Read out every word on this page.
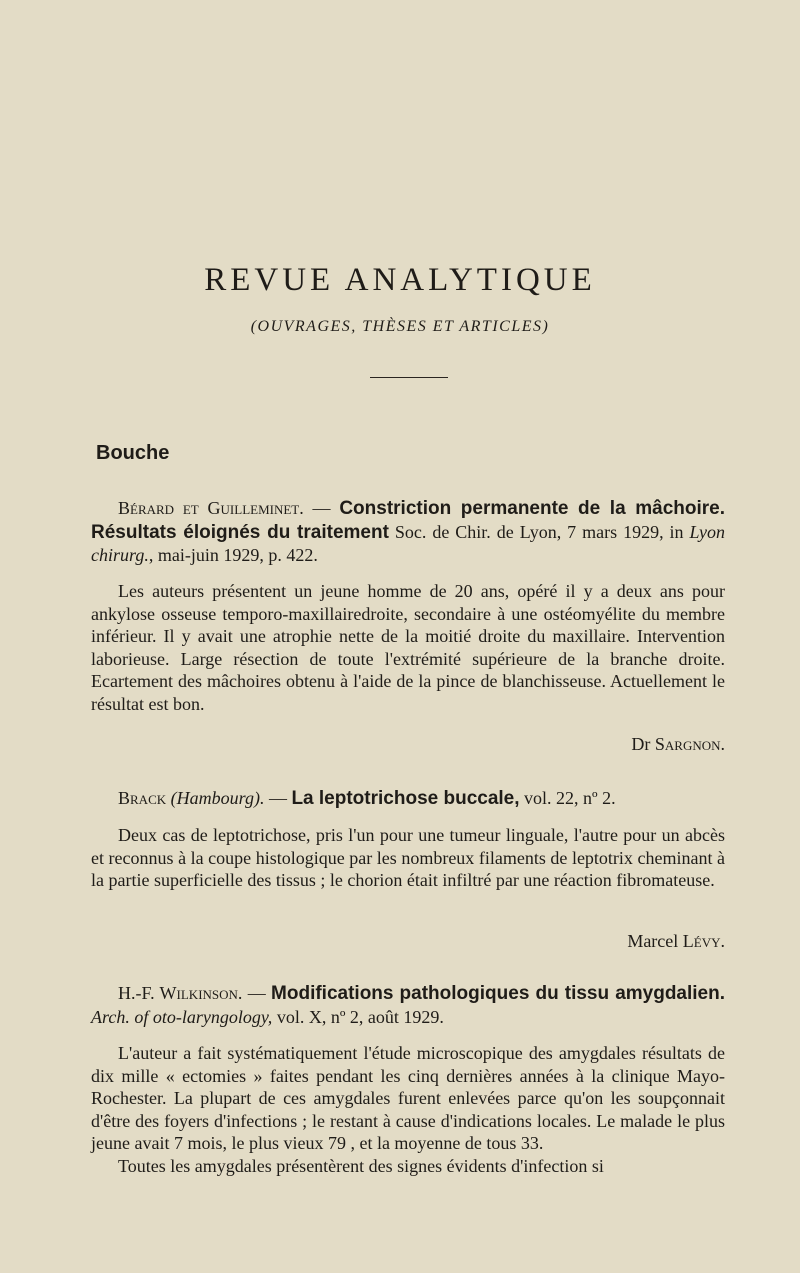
REVUE ANALYTIQUE
(OUVRAGES, THÈSES ET ARTICLES)
Bouche

Bérard et Guilleminet. — Constriction permanente de la mâchoire. Résultats éloignés du traitement Soc. de Chir. de Lyon, 7 mars 1929, in Lyon chirurg., mai-juin 1929, p. 422.

Les auteurs présentent un jeune homme de 20 ans, opéré il y a deux ans pour ankylose osseuse temporo-maxillairedroite, secondaire à une ostéomyélite du membre inférieur. Il y avait une atrophie nette de la moitié droite du maxillaire. Intervention laborieuse. Large résection de toute l'extrémité supérieure de la branche droite. Ecartement des mâchoires obtenu à l'aide de la pince de blanchisseuse. Actuellement le résultat est bon.

Dr Sargnon.

Brack (Hambourg). — La leptotrichose buccale, vol. 22, nº 2.

Deux cas de leptotrichose, pris l'un pour une tumeur linguale, l'autre pour un abcès et reconnus à la coupe histologique par les nombreux filaments de leptotrix cheminant à la partie superficielle des tissus ; le chorion était infiltré par une réaction fibromateuse.

Marcel Lévy.

H.-F. Wilkinson. — Modifications pathologiques du tissu amygdalien. Arch. of oto-laryngology, vol. X, nº 2, août 1929.

L'auteur a fait systématiquement l'étude microscopique des amygdales résultats de dix mille « ectomies » faites pendant les cinq dernières années à la clinique Mayo-Rochester. La plupart de ces amygdales furent enlevées parce qu'on les soupçonnait d'être des foyers d'infections ; le restant à cause d'indications locales. Le malade le plus jeune avait 7 mois, le plus vieux 79 , et la moyenne de tous 33.

Toutes les amygdales présentèrent des signes évidents d'infection si
